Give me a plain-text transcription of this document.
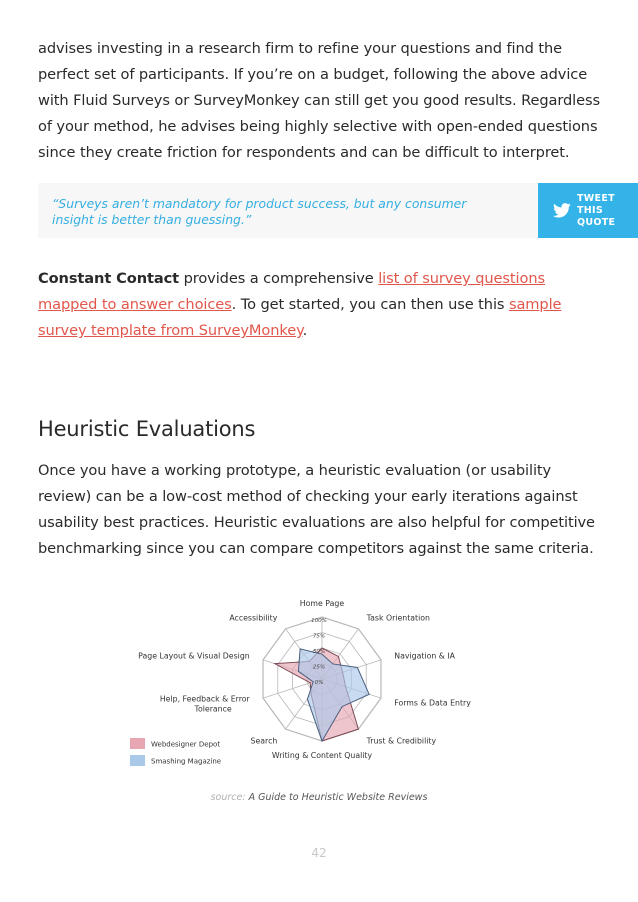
advises investing in a research firm to refine your questions and find the perfect set of participants. If you’re on a budget, following the above advice with Fluid Surveys or SurveyMonkey can still get you good results. Regardless of your method, he advises being highly selective with open-ended questions since they create friction for respondents and can be difficult to interpret.

“Surveys aren’t mandatory for product success, but any consumer insight is better than guessing.”
TWEET THIS QUOTE

Constant Contact provides a comprehensive list of survey questions mapped to answer choices. To get started, you can then use this sample survey template from SurveyMonkey.

Heuristic Evaluations

Once you have a working prototype, a heuristic evaluation (or usability review) can be a low-cost method of checking your early iterations against usability best practices. Heuristic evaluations are also helpful for competitive benchmarking since you can compare competitors against the same criteria.

100%
75%
50%
25%
0%
Home Page
Task Orientation
Navigation & IA
Forms & Data Entry
Trust & Credibility
Writing & Content Quality
Search
Help, Feedback & Error Tolerance
Page Layout & Visual Design
Accessibility
Webdesigner Depot
Smashing Magazine
source: A Guide to Heuristic Website Reviews
42
